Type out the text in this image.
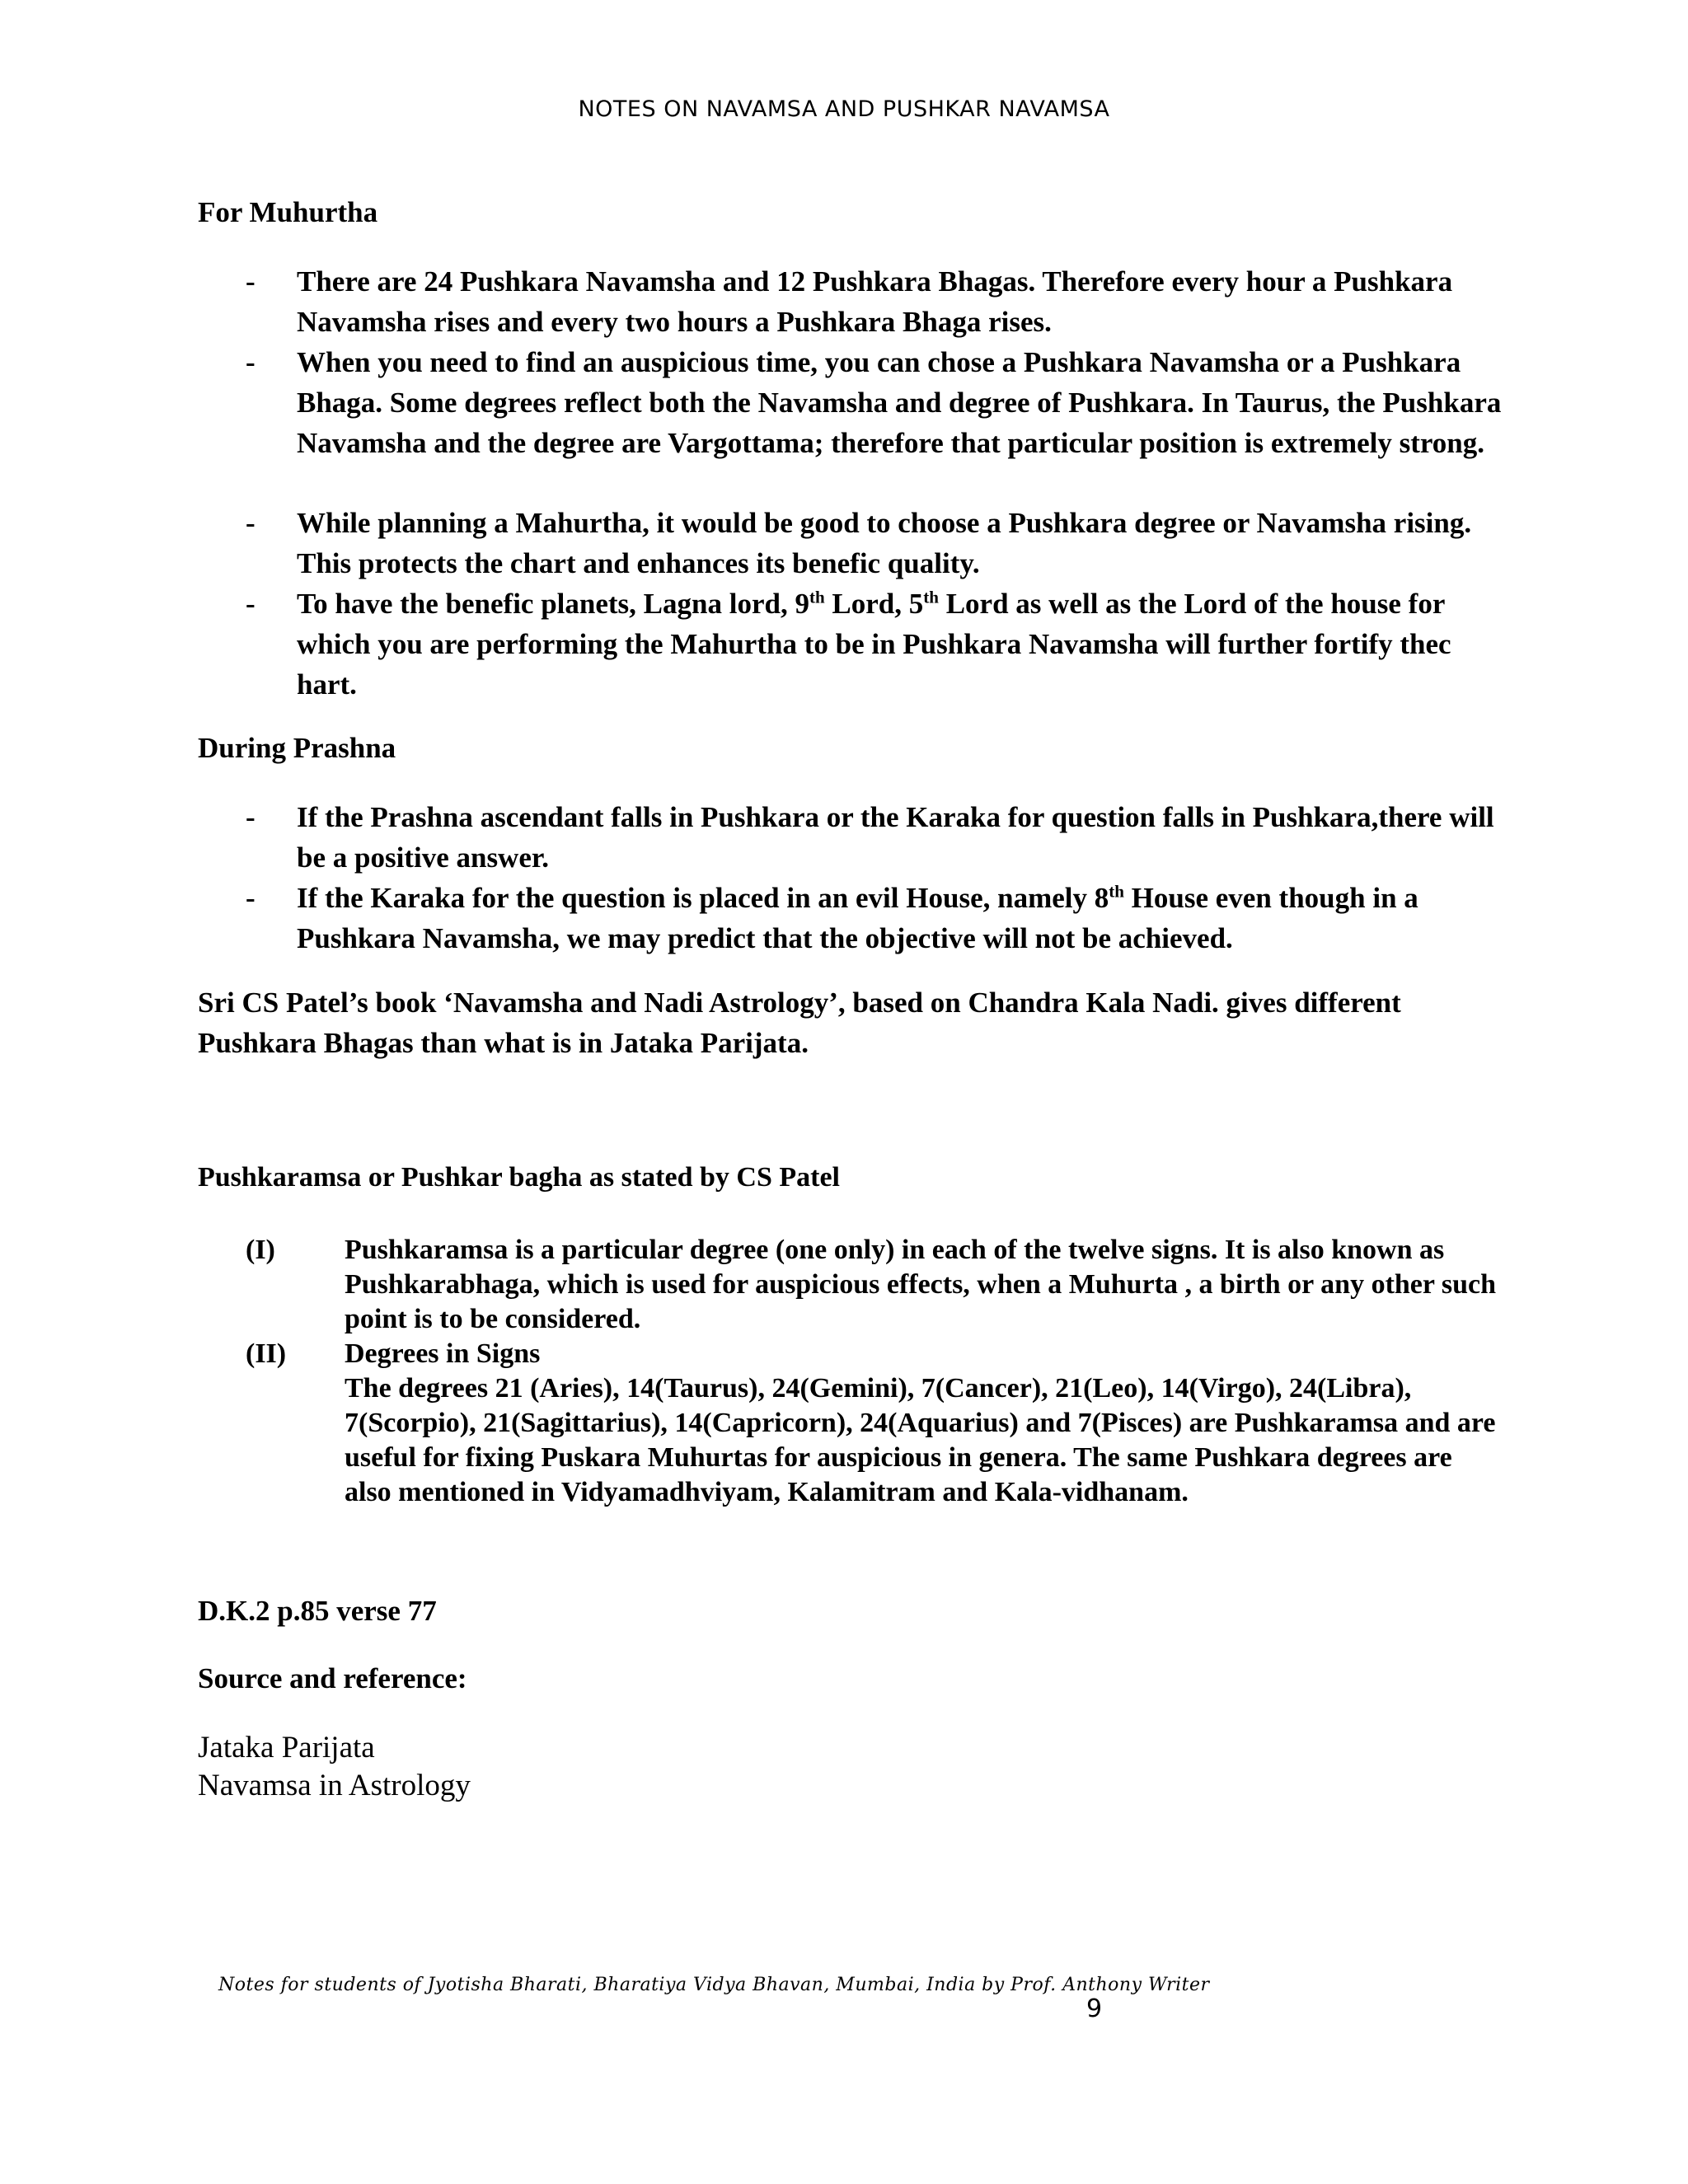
NOTES ON NAVAMSA AND PUSHKAR NAVAMSA
For Muhurtha
- There are 24 Pushkara Navamsha and 12 Pushkara Bhagas. Therefore every hour a Pushkara Navamsha rises and every two hours a Pushkara Bhaga rises.
- When you need to find an auspicious time, you can chose a Pushkara Navamsha or a Pushkara Bhaga. Some degrees reflect both the Navamsha and degree of Pushkara. In Taurus, the Pushkara Navamsha and the degree are Vargottama; therefore that particular position is extremely strong.
- While planning a Mahurtha, it would be good to choose a Pushkara degree or Navamsha rising. This protects the chart and enhances its benefic quality.
- To have the benefic planets, Lagna lord, 9th Lord, 5th Lord as well as the Lord of the house for which you are performing the Mahurtha to be in Pushkara Navamsha will further fortify thec hart.
During Prashna
- If the Prashna ascendant falls in Pushkara or the Karaka for question falls in Pushkara,there will be a positive answer.
- If the Karaka for the question is placed in an evil House, namely 8th House even though in a Pushkara Navamsha, we may predict that the objective will not be achieved.
Sri CS Patel’s book ‘Navamsha and Nadi Astrology’, based on Chandra Kala Nadi. gives different Pushkara Bhagas than what is in Jataka Parijata.
Pushkaramsa or Pushkar bagha as stated by CS Patel
(I) Pushkaramsa is a particular degree (one only) in each of the twelve signs. It is also known as Pushkarabhaga, which is used for auspicious effects, when a Muhurta , a birth or any other such point is to be considered.
(II) Degrees in Signs
The degrees 21 (Aries), 14(Taurus), 24(Gemini), 7(Cancer), 21(Leo), 14(Virgo), 24(Libra), 7(Scorpio), 21(Sagittarius), 14(Capricorn), 24(Aquarius) and 7(Pisces) are Pushkaramsa and are useful for fixing Puskara Muhurtas for auspicious in genera. The same Pushkara degrees are also mentioned in Vidyamadhviyam, Kalamitram and Kala-vidhanam.
D.K.2 p.85 verse 77
Source and reference:
Jataka Parijata
Navamsa in Astrology
Notes for students of Jyotisha Bharati, Bharatiya Vidya Bhavan, Mumbai, India by Prof. Anthony Writer
9
